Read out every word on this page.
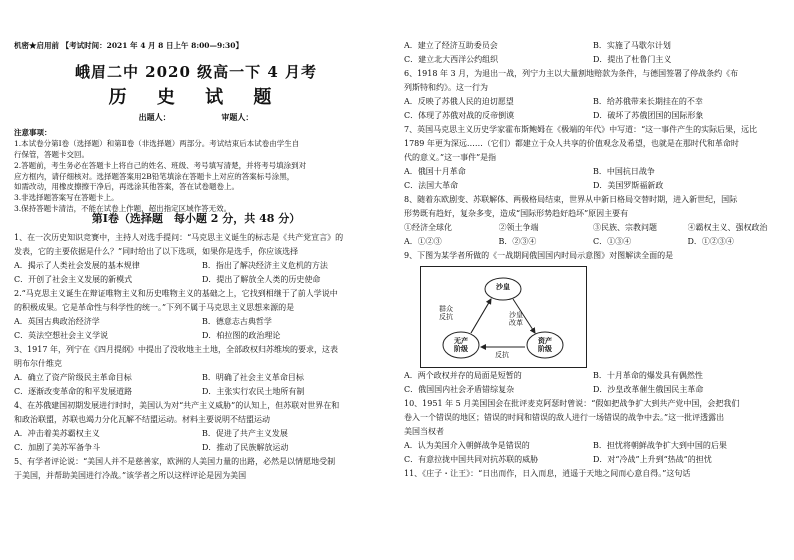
机密★启用前 【考试时间：2021 年 4 月 8 日上午 8:00—9:30】
峨眉二中 2020 级高一下 4 月考
历 史 试 题
出题人：	审题人：

注意事项：

1.本试卷分第Ⅰ卷（选择题）和第Ⅱ卷（非选择题）两部分。考试结束后本试卷由学生自

行保管，答题卡交回。

2.答题前，考生务必在答题卡上将自己的姓名、班级、考号填写清楚，并将考号填涂到对

应方框内，请仔细核对。选择题答案用2B铅笔填涂在答题卡上对应的答案标号涂黑，

如需改动，用橡皮擦擦干净后，再选涂其他答案，答在试卷题卷上。

3.非选择题答案写在答题卡上。

3.保持答题卡清洁，不能在试卷上作题，超出指定区域作答无效。

第Ⅰ卷（选择题　每小题 2 分，共 48 分）
1、在一次历史知识竞赛中，主持人对选手提问：“马克思主义诞生的标志是《共产党宣言》的
发表，它的主要依据是什么？”同时给出了以下选项，如果你是选手，你应该选择
A．揭示了人类社会发展的基本规律	B．指出了解决经济主义危机的方法
C．开创了社会主义发展的新模式	D．提出了解放全人类的历史使命
2.“马克思主义诞生在辩证唯物主义和历史唯物主义的基础之上，它找到相继于了前人学说中
的积极成果。它是革命性与科学性的统一。”下列不属于马克思主义思想来源的是
A．英国古典政治经济学	B．德意志古典哲学
C．英法空想社会主义学说	D．柏拉图的政治理论
3、1917 年，列宁在《四月提纲》中提出了没收地主土地，全部政权归苏维埃的要求，这表
明布尔什维克
A．确立了资产阶级民主革命目标	B．明确了社会主义革命目标
C．逐渐改变革命的和平发展道路	D．主张实行农民土地所有制
4、在苏俄建国初期发展进行时时，美国认为对“共产主义威胁”的认知上，但苏联对世界在和
和政治联盟，苏联也竭力分化瓦解不结盟运动。材料主要说明不结盟运动
A．冲击着美苏霸权主义	B．促进了共产主义发展
C．加剧了美苏军备争斗	D．推动了民族解放运动
5、有学者评论说：“美国人并不是慈善家，欧洲的人美国力量的出路，必然是以情愿地受制
于美国，并帮助美国进行冷战。”该学者之所以这样评论是因为美国
A．建立了经济互助委员会	B．实施了马歇尔计划
C．建立北大西洋公约组织	D．提出了杜鲁门主义
6、1918 年 3 月，为退出一战，列宁力主以大量割地赔款为条件，与德国签署了停战条约《布
列斯特和约》。这一行为
A．反映了苏俄人民的迫切愿望	B．给苏俄带来长期挂在的不幸
C．体现了苏俄对战的反帝倒谟	D．破坏了苏俄团国的国际形象
7、英国马克思主义历史学家霍布斯鲍姆在《极端的年代》中写道：“这一事件产生的实际后果，远比
1789 年更为深远……（它们）都建立于众人共享的价值观念及希望，也就是在那时代和革命时
代的意义。”这一事件”是指
A．俄国十月革命	B．中国抗日战争
C．法国大革命	D．美国罗斯福新政
8、随着东欧剧变、苏联解体、两极格局结束，世界从中新日格局交替时期，进入新世纪，国际
形势既有趋好，复杂多变，造成“国际形势趋好趋坏”原因主要有
①经济全球化	②领土争端	③民族、宗教问题	④霸权主义、强权政治
A．①②③	B．②③④	C．①③④	D．①②③④
9、下图为某学者所做的《一战期间俄国国内时局示意图》对图解读全面的是
沙皇
无产
阶级
资产
阶级
群众
反抗	沙皇
改革
反抗
A．两个政权并存的局面是短暂的	B．十月革命的爆发具有偶然性
C．俄国国内社会矛盾错综复杂	D．沙皇改革催生俄国民主革命
10、1951 年 5 月美国国会在批评麦克阿瑟时曾说：“假如把战争扩大到共产党中国，会把我们
卷入一个错误的地区；错误的时间和错误的敌人进行一场错误的战争中去。”这一批评透露出
美国当权者
A．认为美国介入朝鲜战争是错误的	B．担忧将朝鲜战争扩大到中国的后果
C．有意拉拢中国共同对抗苏联的威胁	D．对“冷战”上升到“热战”的担忧
11、《庄子・让王》：“日出而作，日入而息，逍遥于天地之间而心意自得。”这句话
